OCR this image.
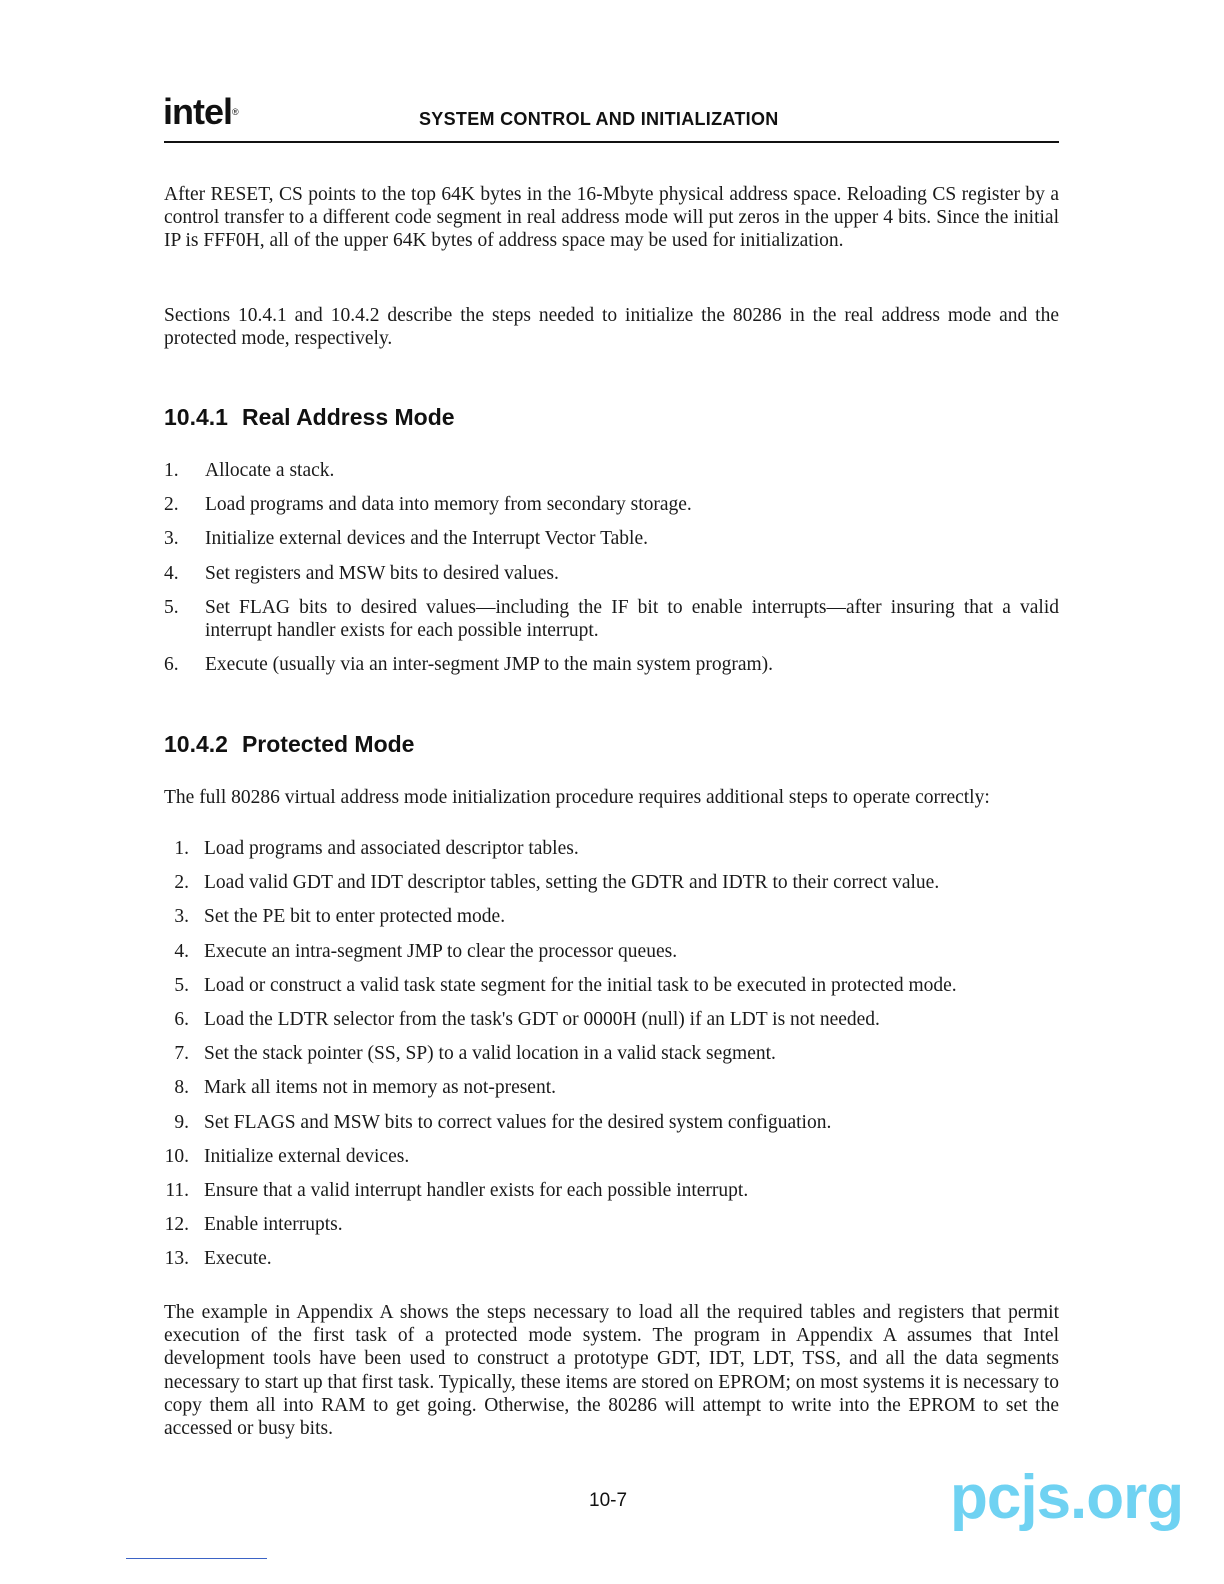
intel®	SYSTEM CONTROL AND INITIALIZATION

After RESET, CS points to the top 64K bytes in the 16-Mbyte physical address space. Reloading CS register by a control transfer to a different code segment in real address mode will put zeros in the upper 4 bits. Since the initial IP is FFF0H, all of the upper 64K bytes of address space may be used for initialization.

Sections 10.4.1 and 10.4.2 describe the steps needed to initialize the 80286 in the real address mode and the protected mode, respectively.

10.4.1 Real Address Mode
1. Allocate a stack.
2. Load programs and data into memory from secondary storage.
3. Initialize external devices and the Interrupt Vector Table.
4. Set registers and MSW bits to desired values.
5. Set FLAG bits to desired values—including the IF bit to enable interrupts—after insuring that a valid interrupt handler exists for each possible interrupt.
6. Execute (usually via an inter-segment JMP to the main system program).
10.4.2 Protected Mode

The full 80286 virtual address mode initialization procedure requires additional steps to operate correctly:

1. Load programs and associated descriptor tables.
2. Load valid GDT and IDT descriptor tables, setting the GDTR and IDTR to their correct value.
3. Set the PE bit to enter protected mode.
4. Execute an intra-segment JMP to clear the processor queues.
5. Load or construct a valid task state segment for the initial task to be executed in protected mode.
6. Load the LDTR selector from the task's GDT or 0000H (null) if an LDT is not needed.
7. Set the stack pointer (SS, SP) to a valid location in a valid stack segment.
8. Mark all items not in memory as not-present.
9. Set FLAGS and MSW bits to correct values for the desired system configuation.
10. Initialize external devices.
11. Ensure that a valid interrupt handler exists for each possible interrupt.
12. Enable interrupts.
13. Execute.

The example in Appendix A shows the steps necessary to load all the required tables and registers that permit execution of the first task of a protected mode system. The program in Appendix A assumes that Intel development tools have been used to construct a prototype GDT, IDT, LDT, TSS, and all the data segments necessary to start up that first task. Typically, these items are stored on EPROM; on most systems it is necessary to copy them all into RAM to get going. Otherwise, the 80286 will attempt to write into the EPROM to set the accessed or busy bits.

10-7	pcjs.org
